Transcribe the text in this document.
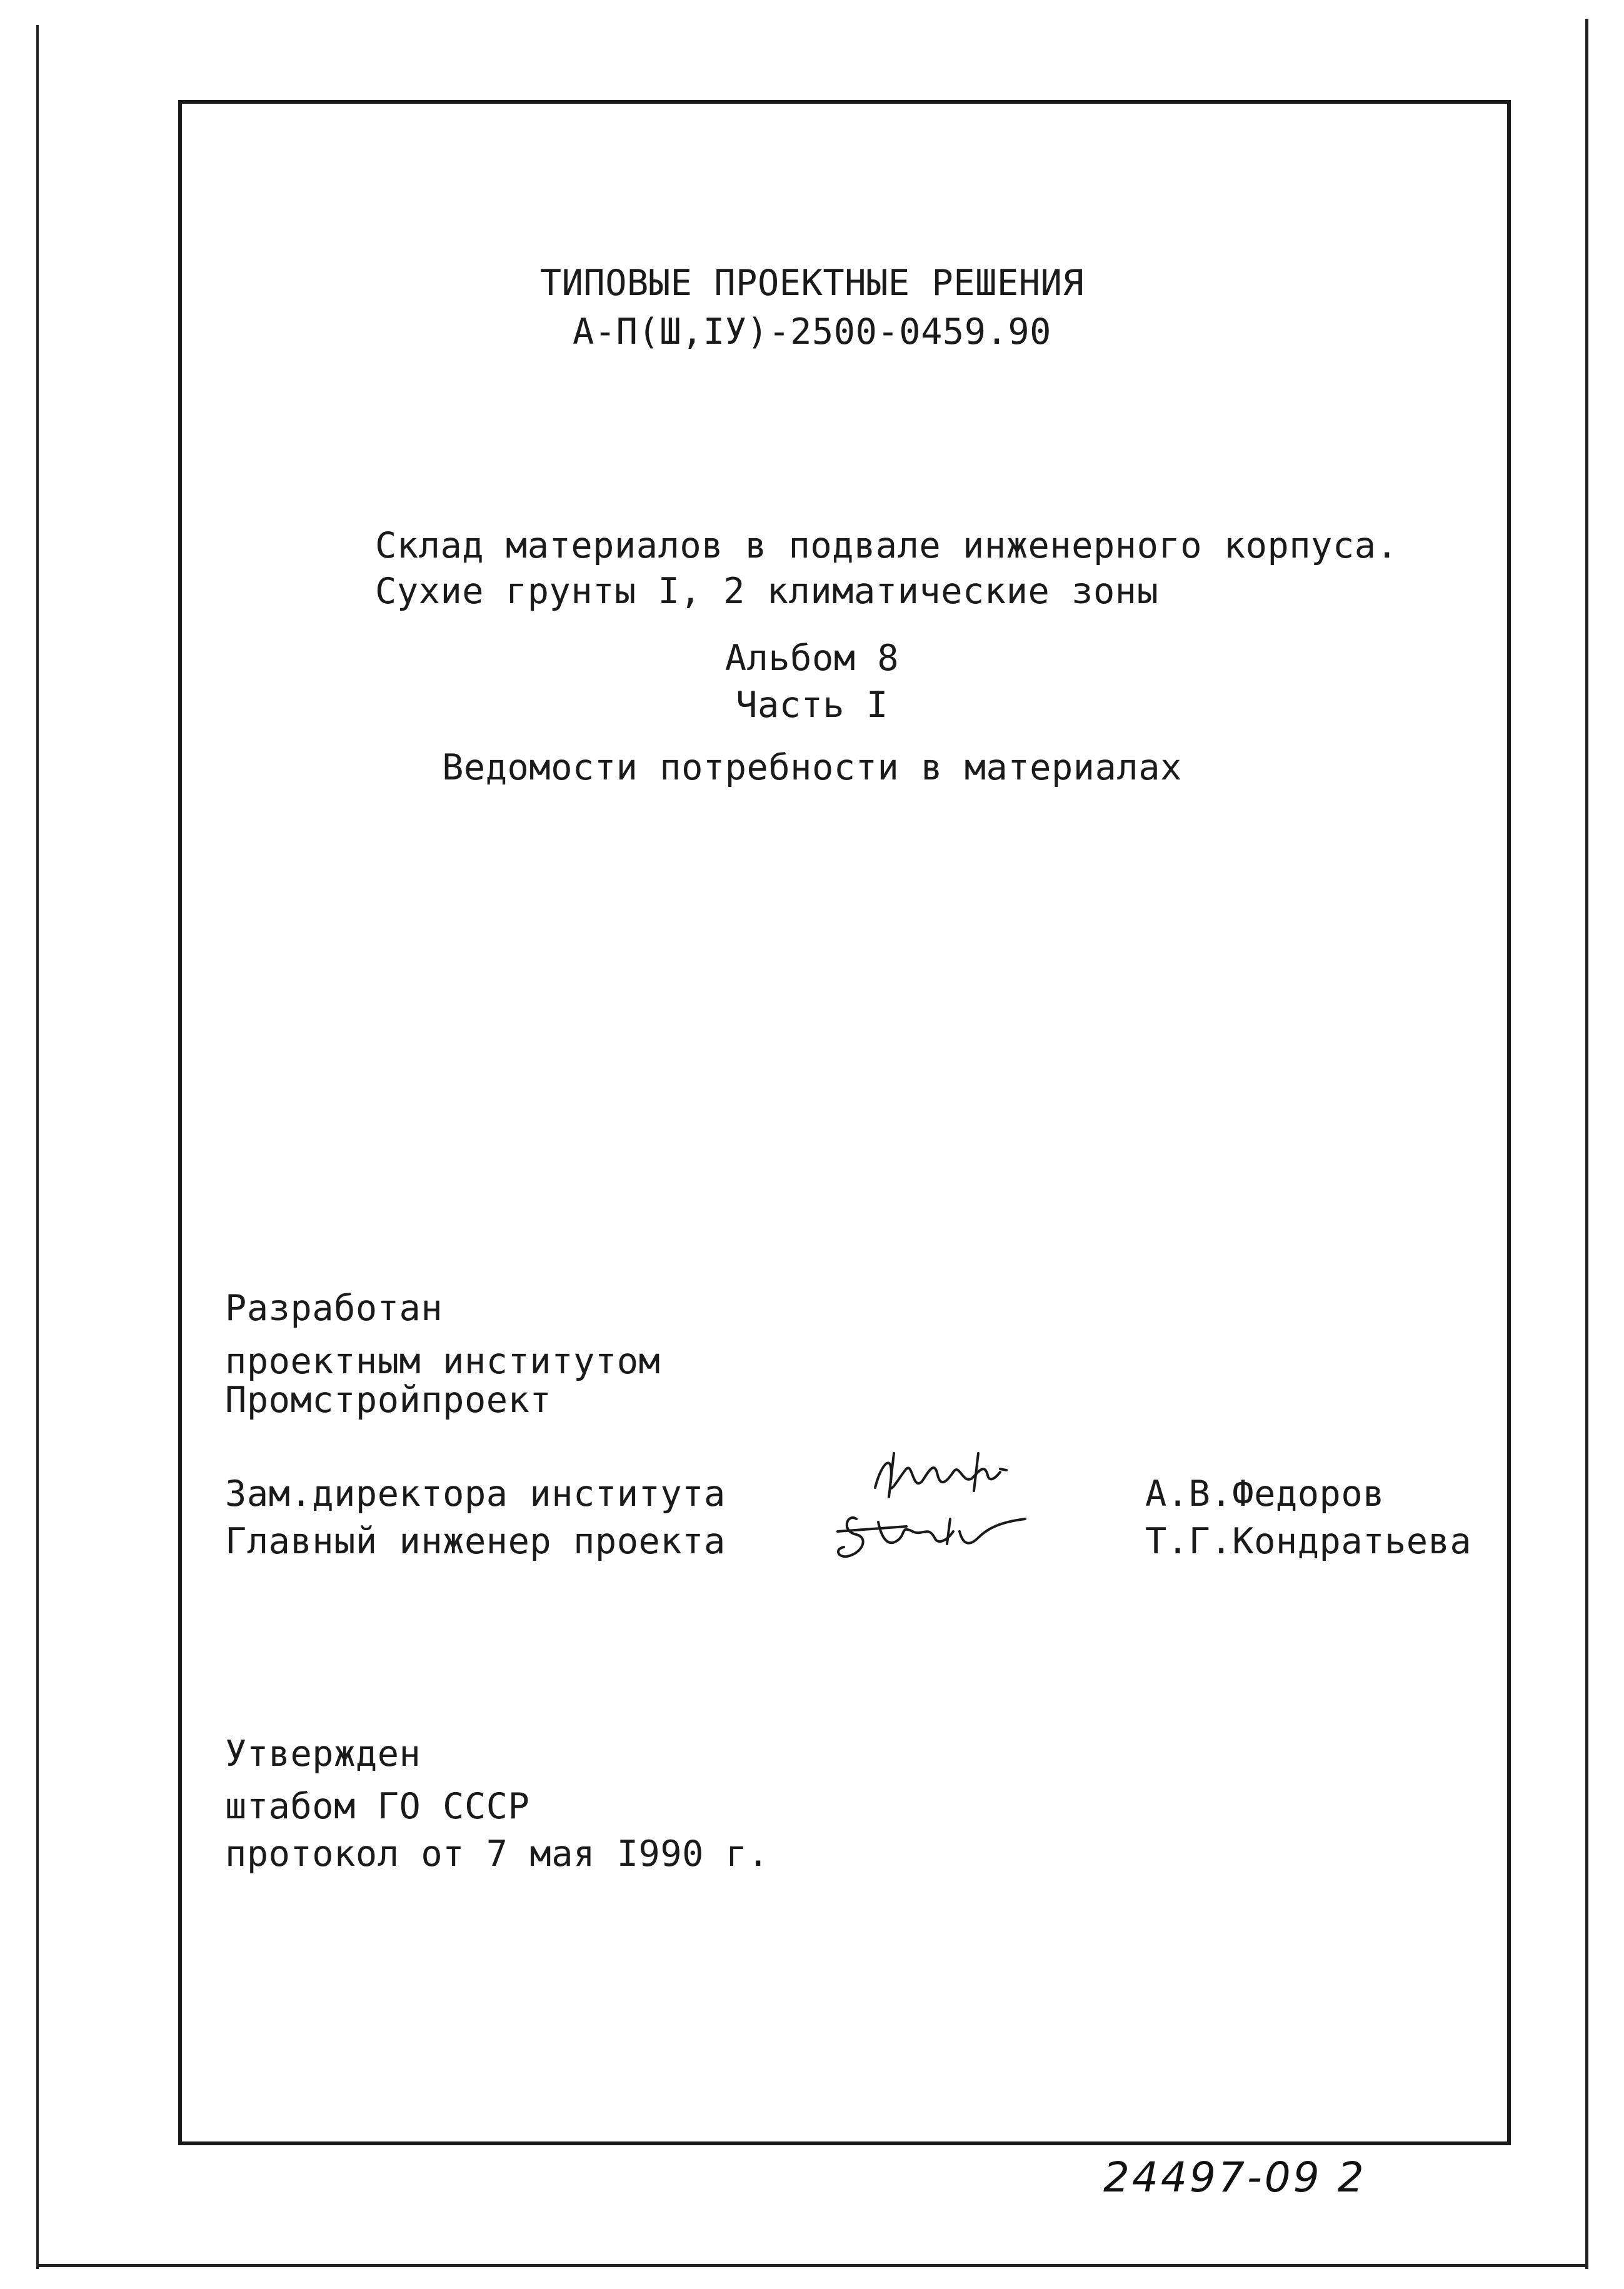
ТИПОВЫЕ ПРОЕКТНЫЕ РЕШЕНИЯ
А-П(Ш,IУ)-2500-0459.90
Склад материалов в подвале инженерного корпуса.
Сухие грунты I, 2 климатические зоны
Альбом 8
Часть I
Ведомости потребности в материалах
Разработан
проектным институтом
Промстройпроект
Зам.директора института	А.В.Федоров
Главный инженер проекта	Т.Г.Кондратьева
Утвержден
штабом ГО СССР
протокол от 7 мая I990 г.
24497-09 2
